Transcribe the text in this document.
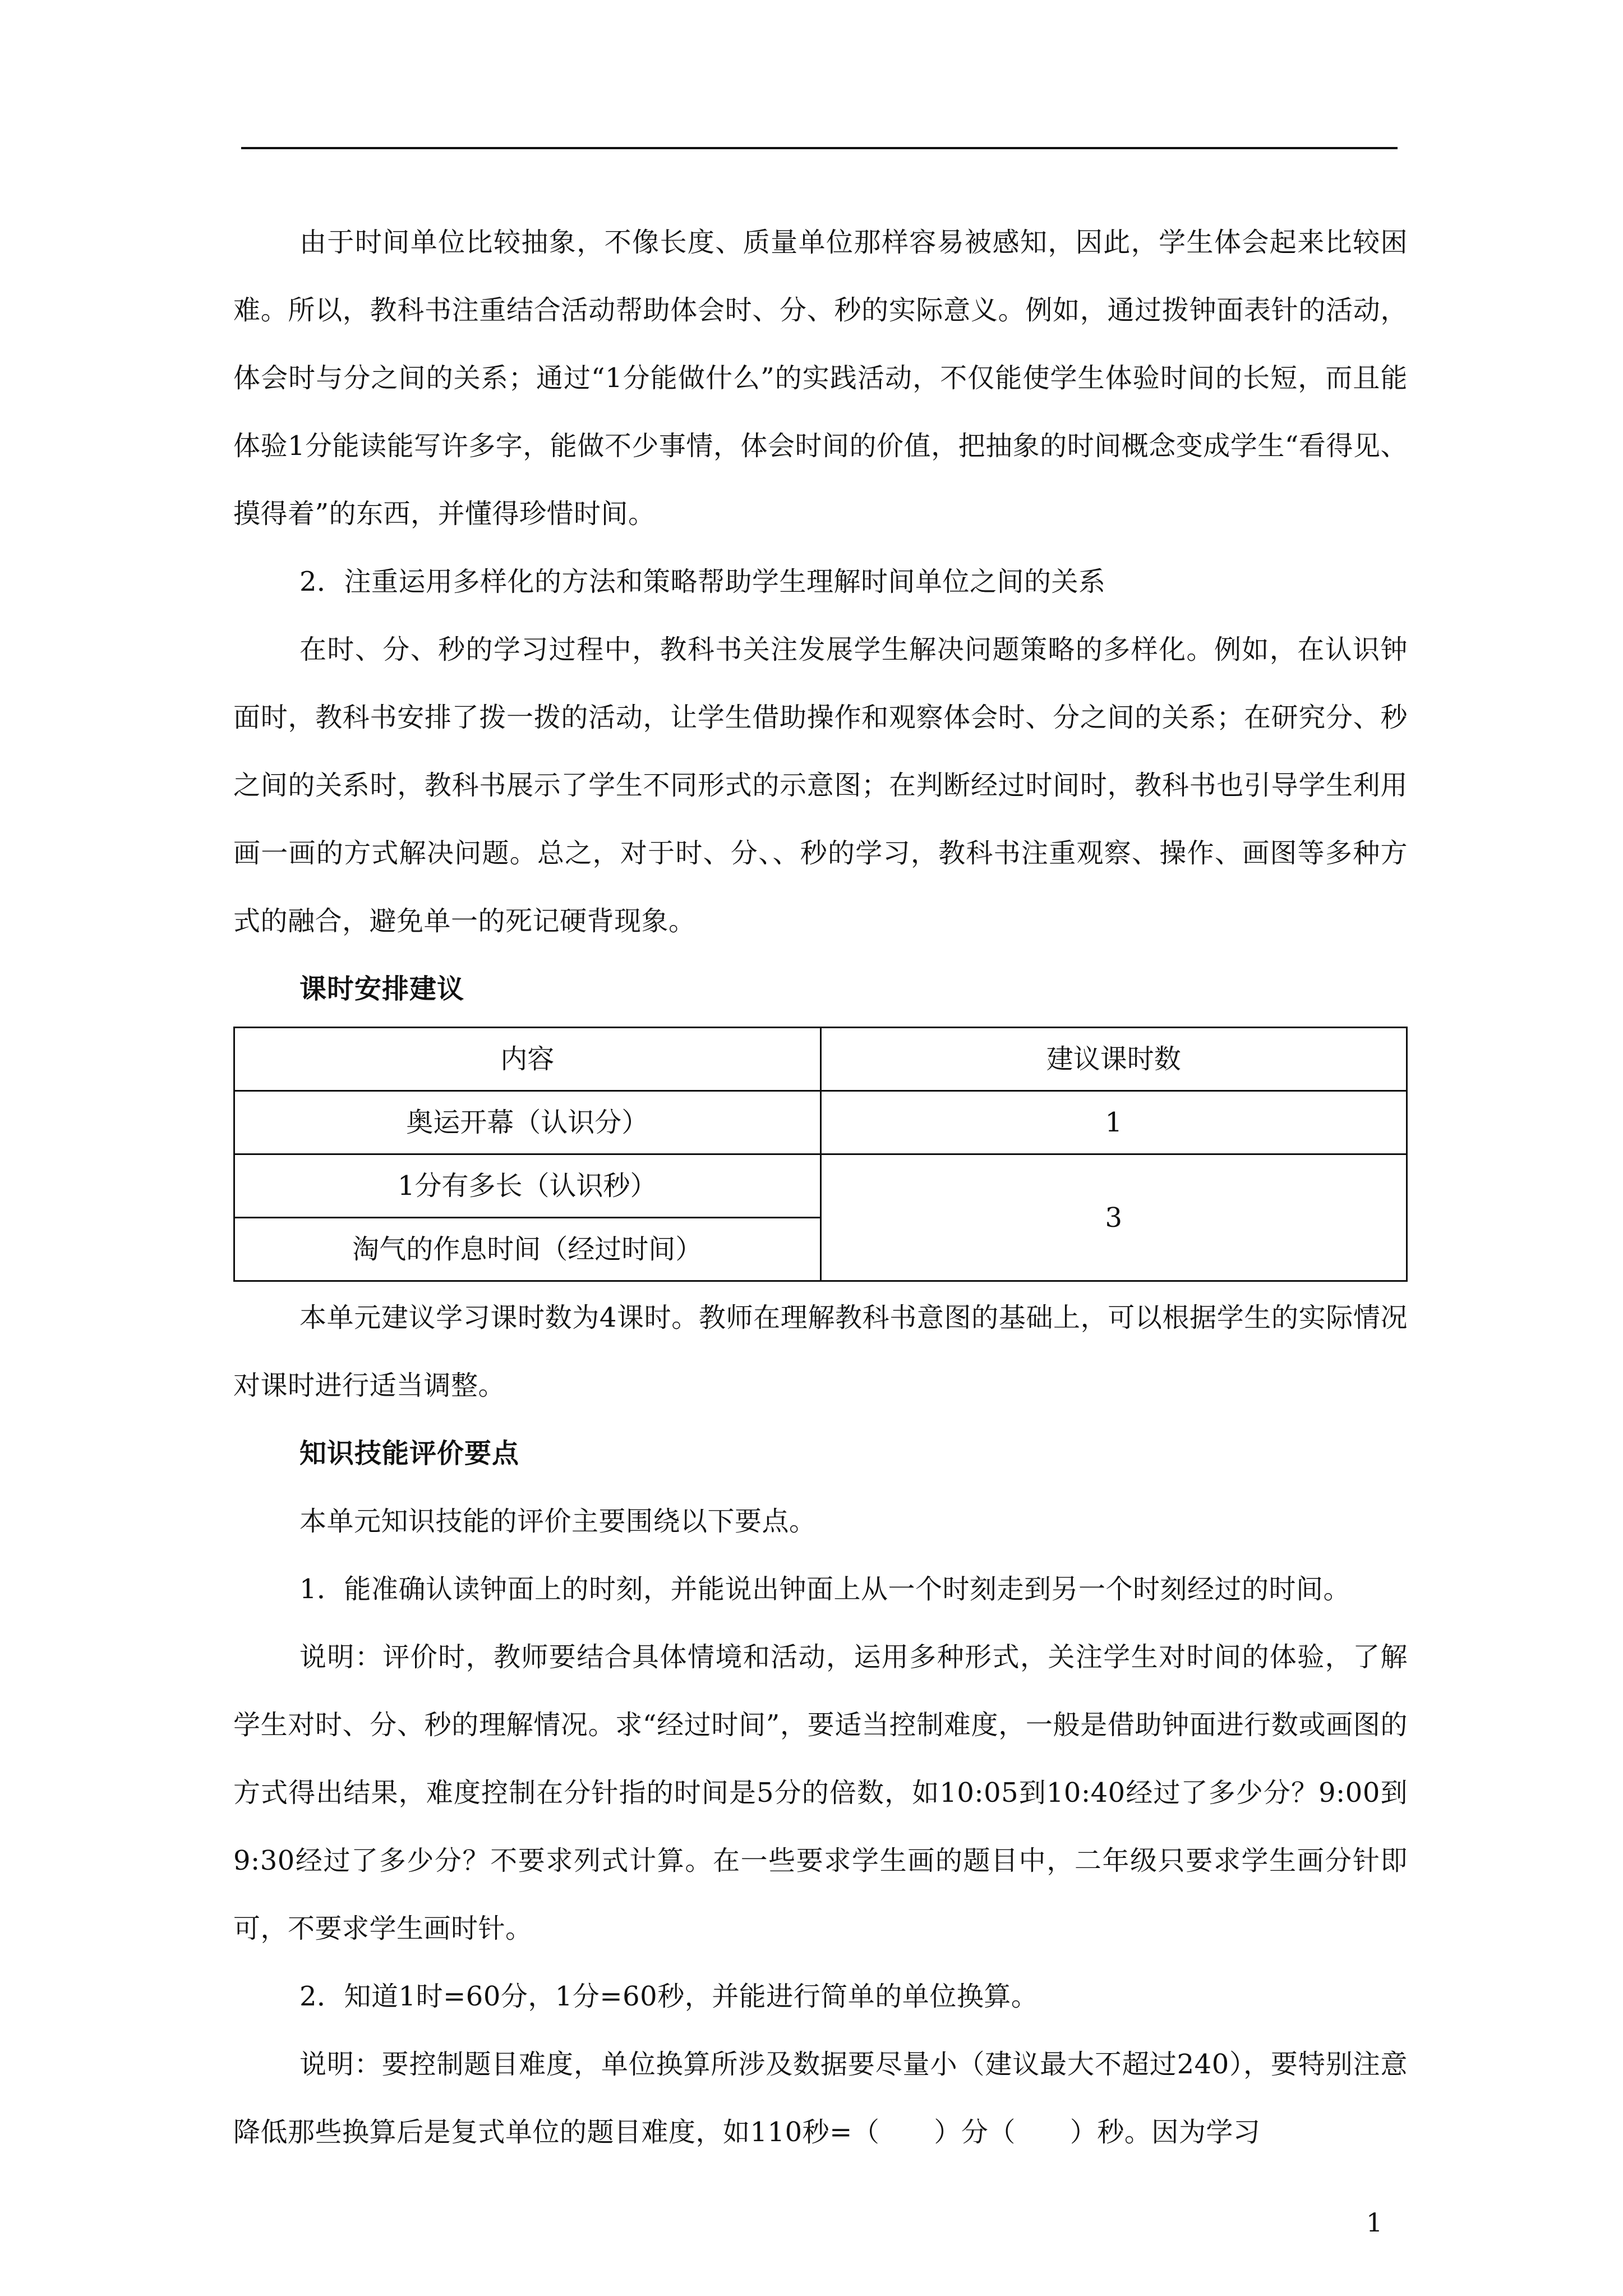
由于时间单位比较抽象，不像长度、质量单位那样容易被感知，因此，学生体会起来比较困难。所以，教科书注重结合活动帮助体会时、分、秒的实际意义。例如，通过拨钟面表针的活动，体会时与分之间的关系；通过“1分能做什么”的实践活动，不仅能使学生体验时间的长短，而且能体验1分能读能写许多字，能做不少事情，体会时间的价值，把抽象的时间概念变成学生“看得见、摸得着”的东西，并懂得珍惜时间。

2．注重运用多样化的方法和策略帮助学生理解时间单位之间的关系

在时、分、秒的学习过程中，教科书关注发展学生解决问题策略的多样化。例如，在认识钟面时，教科书安排了拨一拨的活动，让学生借助操作和观察体会时、分之间的关系；在研究分、秒之间的关系时，教科书展示了学生不同形式的示意图；在判断经过时间时，教科书也引导学生利用画一画的方式解决问题。总之，对于时、分、、秒的学习，教科书注重观察、操作、画图等多种方式的融合，避免单一的死记硬背现象。

课时安排建议

内容	建议课时数
奥运开幕（认识分）	1
1分有多长（认识秒）	3
淘气的作息时间（经过时间）	

本单元建议学习课时数为4课时。教师在理解教科书意图的基础上，可以根据学生的实际情况对课时进行适当调整。

知识技能评价要点

本单元知识技能的评价主要围绕以下要点。

1．能准确认读钟面上的时刻，并能说出钟面上从一个时刻走到另一个时刻经过的时间。

说明：评价时，教师要结合具体情境和活动，运用多种形式，关注学生对时间的体验，了解学生对时、分、秒的理解情况。求“经过时间”，要适当控制难度，一般是借助钟面进行数或画图的方式得出结果，难度控制在分针指的时间是5分的倍数，如10:05到10:40经过了多少分？9:00到9:30经过了多少分？不要求列式计算。在一些要求学生画的题目中，二年级只要求学生画分针即可，不要求学生画时针。

2．知道1时=60分，1分=60秒，并能进行简单的单位换算。

说明：要控制题目难度，单位换算所涉及数据要尽量小（建议最大不超过240），要特别注意降低那些换算后是复式单位的题目难度，如110秒=（　　）分（　　）秒。因为学习

1
